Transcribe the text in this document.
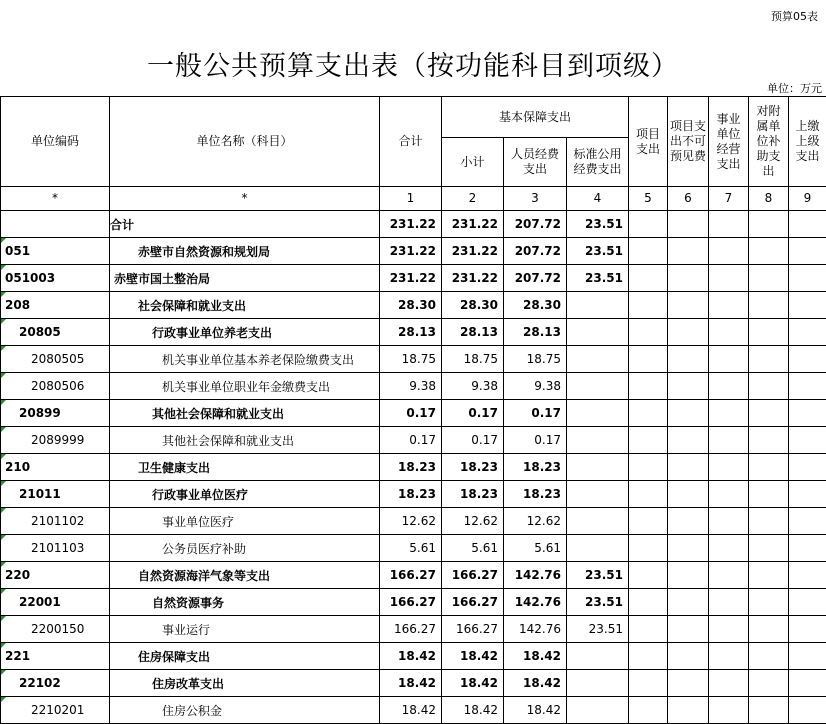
预算05表
一般公共预算支出表（按功能科目到项级）
单位：万元
单位编码	单位名称（科目）	合计	基本保障支出			项目支出	项目支出不可预见费	事业单位经营支出	对附属单位补助支出	上缴上级支出
			小计	人员经费支出	标准公用经费支出					
*	*	1	2	3	4	5	6	7	8	9
	合计	231.22	231.22	207.72	23.51					
051	赤壁市自然资源和规划局	231.22	231.22	207.72	23.51					
051003	赤壁市国土整治局	231.22	231.22	207.72	23.51					
208	社会保障和就业支出	28.30	28.30	28.30						
20805	行政事业单位养老支出	28.13	28.13	28.13						
2080505	机关事业单位基本养老保险缴费支出	18.75	18.75	18.75						
2080506	机关事业单位职业年金缴费支出	9.38	9.38	9.38						
20899	其他社会保障和就业支出	0.17	0.17	0.17						
2089999	其他社会保障和就业支出	0.17	0.17	0.17						
210	卫生健康支出	18.23	18.23	18.23						
21011	行政事业单位医疗	18.23	18.23	18.23						
2101102	事业单位医疗	12.62	12.62	12.62						
2101103	公务员医疗补助	5.61	5.61	5.61						
220	自然资源海洋气象等支出	166.27	166.27	142.76	23.51					
22001	自然资源事务	166.27	166.27	142.76	23.51					
2200150	事业运行	166.27	166.27	142.76	23.51					
221	住房保障支出	18.42	18.42	18.42						
22102	住房改革支出	18.42	18.42	18.42						
2210201	住房公积金	18.42	18.42	18.42						
